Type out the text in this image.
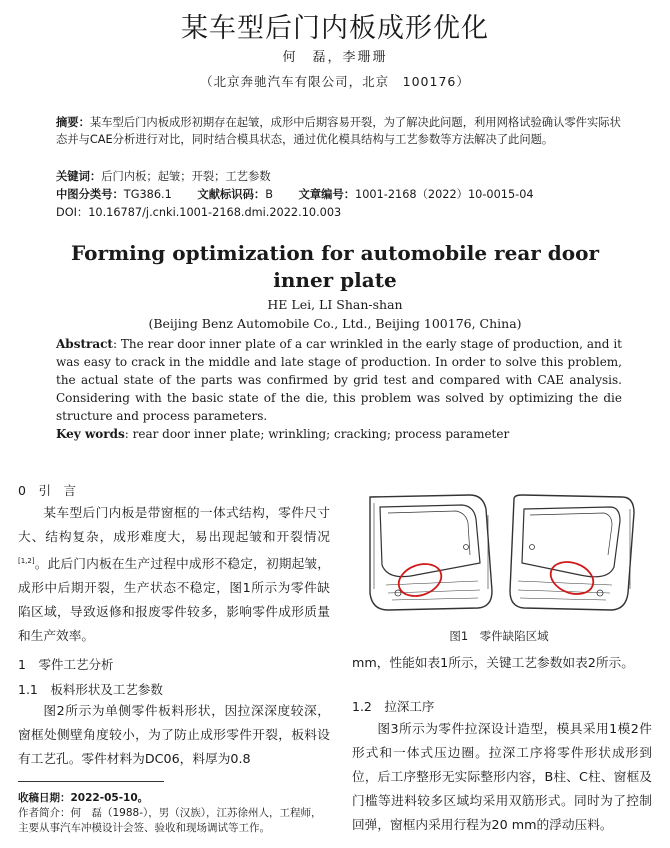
某车型后门内板成形优化
何　磊，李珊珊
（北京奔驰汽车有限公司，北京　100176）
摘要：某车型后门内板成形初期存在起皱，成形中后期容易开裂，为了解决此问题，利用网格试验确认零件实际状态并与CAE分析进行对比，同时结合模具状态，通过优化模具结构与工艺参数等方法解决了此问题。
关键词：后门内板；起皱；开裂；工艺参数
中图分类号：TG386.1 文献标识码：B 文章编号：1001-2168（2022）10-0015-04
DOI：10.16787/j.cnki.1001-2168.dmi.2022.10.003
Forming optimization for automobile rear door
inner plate
HE Lei, LI Shan-shan
(Beijing Benz Automobile Co., Ltd., Beijing 100176, China)
Abstract: The rear door inner plate of a car wrinkled in the early stage of production, and it was easy to crack in the middle and late stage of production. In order to solve this problem, the actual state of the parts was confirmed by grid test and compared with CAE analysis. Considering with the basic state of the die, this problem was solved by optimizing the die structure and process parameters.
Key words: rear door inner plate; wrinkling; cracking; process parameter
0　引　言
某车型后门内板是带窗框的一体式结构，零件尺寸大、结构复杂，成形难度大，易出现起皱和开裂情况[1,2]。此后门内板在生产过程中成形不稳定，初期起皱，成形中后期开裂，生产状态不稳定，图1所示为零件缺陷区域，导致返修和报废零件较多，影响零件成形质量和生产效率。
1　零件工艺分析
1.1　板料形状及工艺参数
图2所示为单侧零件板料形状，因拉深深度较深，窗框处侧壁角度较小，为了防止成形零件开裂，板料设有工艺孔。零件材料为DC06，料厚为0.8
收稿日期：2022-05-10。
作者简介：何　磊（1988-），男（汉族），江苏徐州人，工程师，主要从事汽车冲模设计会签、验收和现场调试等工作。
图1　零件缺陷区域
mm，性能如表1所示，关键工艺参数如表2所示。
1.2　拉深工序
图3所示为零件拉深设计造型，模具采用1模2件形式和一体式压边圈。拉深工序将零件形状成形到位，后工序整形无实际整形内容，B柱、C柱、窗框及门槛等进料较多区域均采用双筋形式。同时为了控制回弹，窗框内采用行程为20 mm的浮动压料。
